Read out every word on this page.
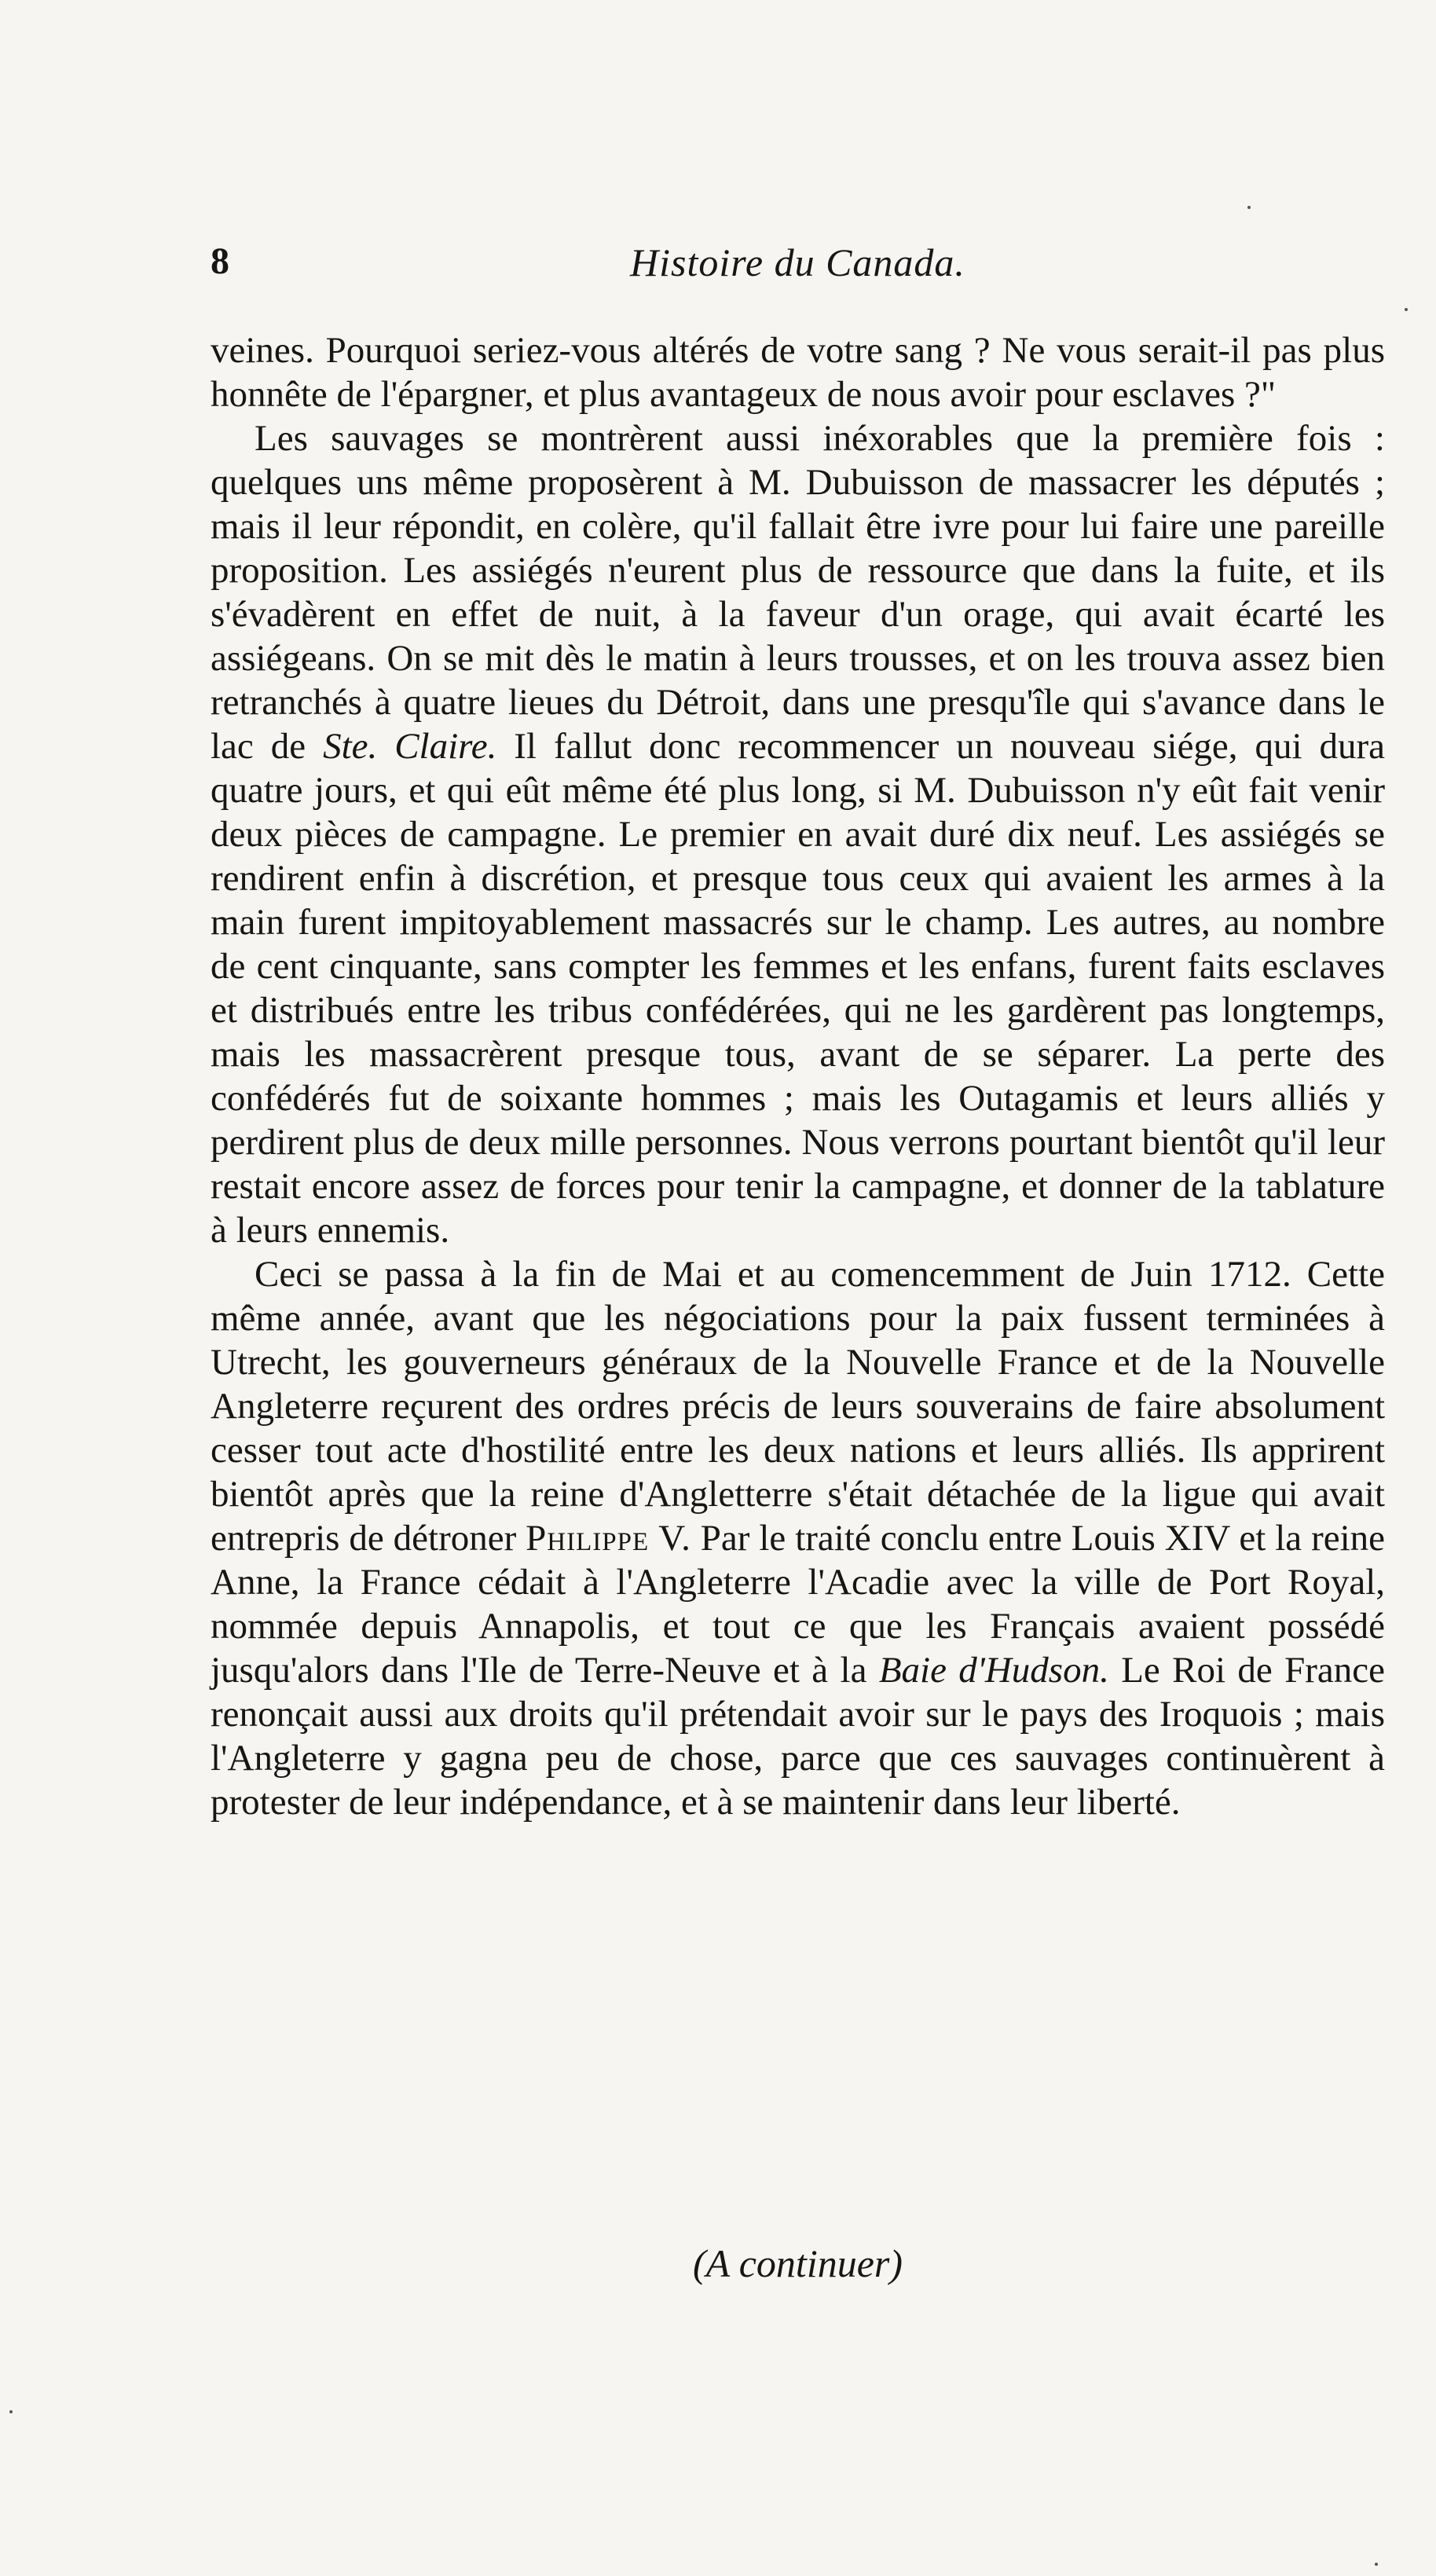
8	Histoire du Canada.

veines. Pourquoi seriez-vous altérés de votre sang ? Ne vous serait-il pas plus honnête de l'épargner, et plus avantageux de nous avoir pour esclaves ?"

Les sauvages se montrèrent aussi inéxorables que la première fois : quelques uns même proposèrent à M. Dubuisson de massacrer les députés ; mais il leur répondit, en colère, qu'il fallait être ivre pour lui faire une pareille proposition. Les assiégés n'eurent plus de ressource que dans la fuite, et ils s'évadèrent en effet de nuit, à la faveur d'un orage, qui avait écarté les assiégeans. On se mit dès le matin à leurs trousses, et on les trouva assez bien retranchés à quatre lieues du Détroit, dans une presqu'île qui s'avance dans le lac de Ste. Claire. Il fallut donc recommencer un nouveau siége, qui dura quatre jours, et qui eût même été plus long, si M. Dubuisson n'y eût fait venir deux pièces de campagne. Le premier en avait duré dix neuf. Les assiégés se rendirent enfin à discrétion, et presque tous ceux qui avaient les armes à la main furent impitoyablement massacrés sur le champ. Les autres, au nombre de cent cinquante, sans compter les femmes et les enfans, furent faits esclaves et distribués entre les tribus confédérées, qui ne les gardèrent pas longtemps, mais les massacrèrent presque tous, avant de se séparer. La perte des confédérés fut de soixante hommes ; mais les Outagamis et leurs alliés y perdirent plus de deux mille personnes. Nous verrons pourtant bientôt qu'il leur restait encore assez de forces pour tenir la campagne, et donner de la tablature à leurs ennemis.

Ceci se passa à la fin de Mai et au comencemment de Juin 1712. Cette même année, avant que les négociations pour la paix fussent terminées à Utrecht, les gouverneurs généraux de la Nouvelle France et de la Nouvelle Angleterre reçurent des ordres précis de leurs souverains de faire absolument cesser tout acte d'hostilité entre les deux nations et leurs alliés. Ils apprirent bientôt après que la reine d'Angletterre s'était détachée de la ligue qui avait entrepris de détroner Philippe V. Par le traité conclu entre Louis XIV et la reine Anne, la France cédait à l'Angleterre l'Acadie avec la ville de Port Royal, nommée depuis Annapolis, et tout ce que les Français avaient possédé jusqu'alors dans l'Ile de Terre-Neuve et à la Baie d'Hudson. Le Roi de France renonçait aussi aux droits qu'il prétendait avoir sur le pays des Iroquois ; mais l'Angleterre y gagna peu de chose, parce que ces sauvages continuèrent à protester de leur indépendance, et à se maintenir dans leur liberté.

(A continuer)
